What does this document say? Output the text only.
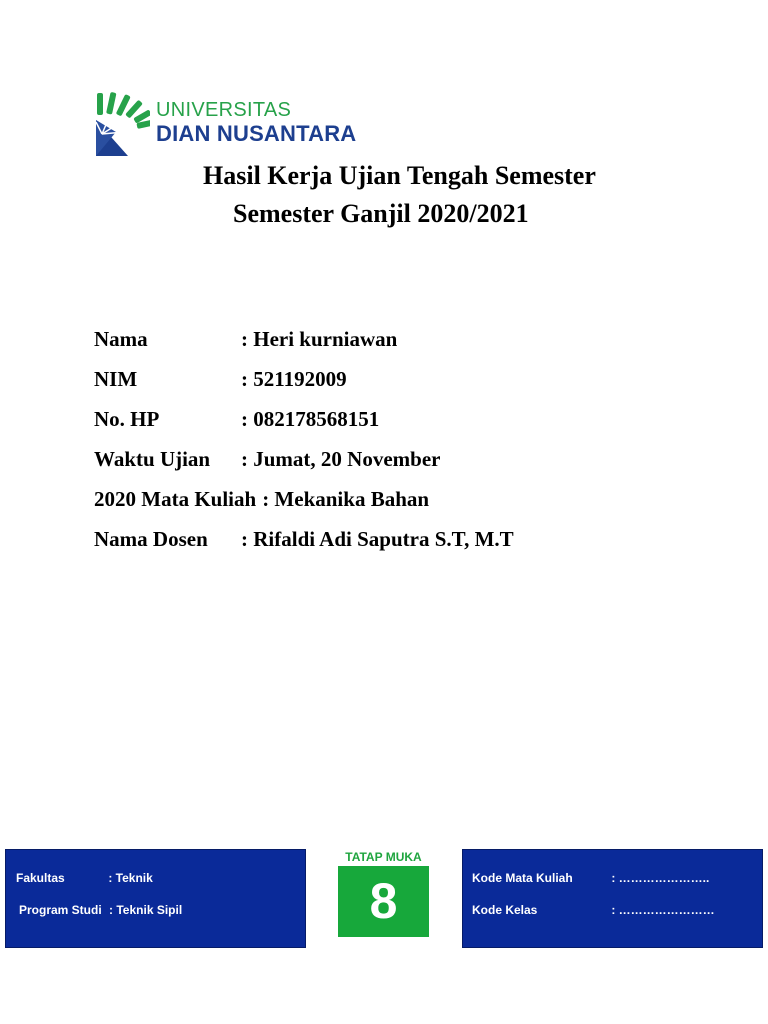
UNIVERSITAS
DIAN NUSANTARA
Hasil Kerja Ujian Tengah Semester
Semester Ganjil 2020/2021
Nama	: Heri kurniawan
NIM	: 521192009
No. HP	: 082178568151
Waktu Ujian	: Jumat, 20 November
2020 Mata Kuliah : Mekanika Bahan
Nama Dosen	: Rifaldi Adi Saputra S.T, M.T
Fakultas	: Teknik
Program Studi : Teknik Sipil
TATAP MUKA
8	Kode Mata Kuliah	: …………………..
Kode Kelas	: ……………………
